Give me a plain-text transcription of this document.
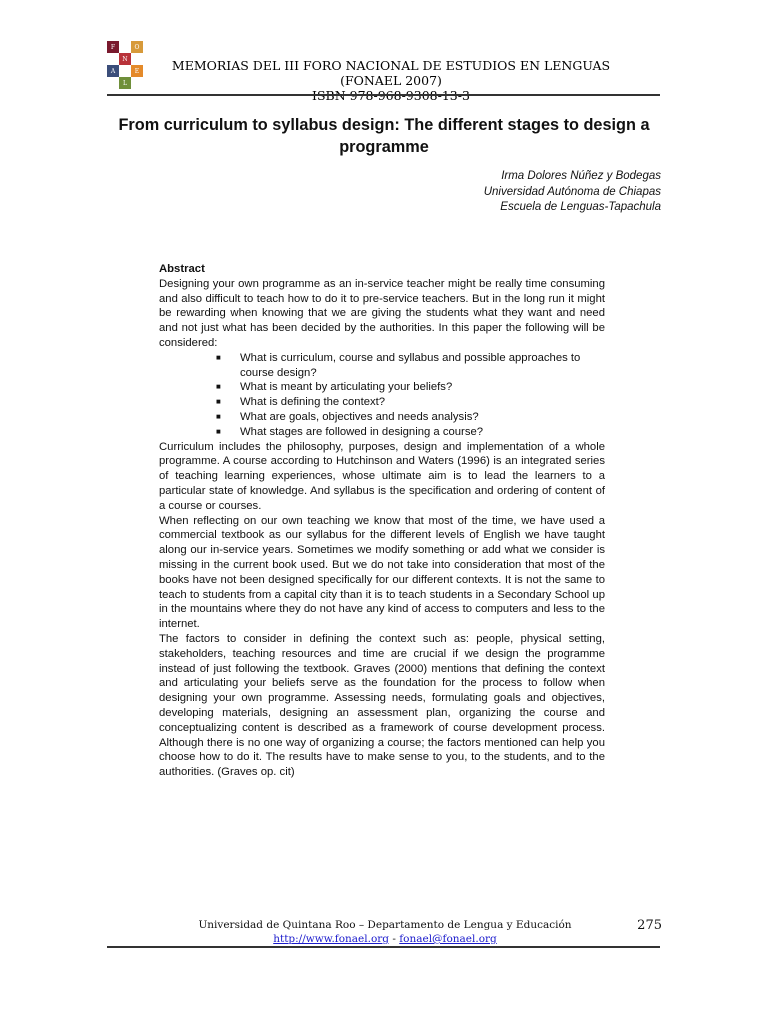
F	O
N
A	E
L
MEMORIAS DEL III FORO NACIONAL DE ESTUDIOS EN LENGUAS (FONAEL 2007)
ISBN 978-968-9308-13-3
From curriculum to syllabus design: The different stages to design a programme
Irma Dolores Núñez y Bodegas
Universidad Autónoma de Chiapas
Escuela de Lenguas-Tapachula

Abstract

Designing your own programme as an in-service teacher might be really time consuming and also difficult to teach how to do it to pre-service teachers. But in the long run it might be rewarding when knowing that we are giving the students what they want and need and not just what has been decided by the authorities. In this paper the following will be considered:

■ What is curriculum, course and syllabus and possible approaches to course design?
■ What is meant by articulating your beliefs?
■ What is defining the context?
■ What are goals, objectives and needs analysis?
■ What stages are followed in designing a course?

Curriculum includes the philosophy, purposes, design and implementation of a whole programme. A course according to Hutchinson and Waters (1996) is an integrated series of teaching learning experiences, whose ultimate aim is to lead the learners to a particular state of knowledge. And syllabus is the specification and ordering of content of a course or courses.

When reflecting on our own teaching we know that most of the time, we have used a commercial textbook as our syllabus for the different levels of English we have taught along our in-service years. Sometimes we modify something or add what we consider is missing in the current book used. But we do not take into consideration that most of the books have not been designed specifically for our different contexts. It is not the same to teach to students from a capital city than it is to teach students in a Secondary School up in the mountains where they do not have any kind of access to computers and less to the internet.

The factors to consider in defining the context such as: people, physical setting, stakeholders, teaching resources and time are crucial if we design the programme instead of just following the textbook. Graves (2000) mentions that defining the context and articulating your beliefs serve as the foundation for the process to follow when designing your own programme. Assessing needs, formulating goals and objectives, developing materials, designing an assessment plan, organizing the course and conceptualizing content is described as a framework of course development process. Although there is no one way of organizing a course; the factors mentioned can help you choose how to do it. The results have to make sense to you, to the students, and to the authorities. (Graves op. cit)

Universidad de Quintana Roo – Departamento de Lengua y Educación	275
http://www.fonael.org - fonael@fonael.org
